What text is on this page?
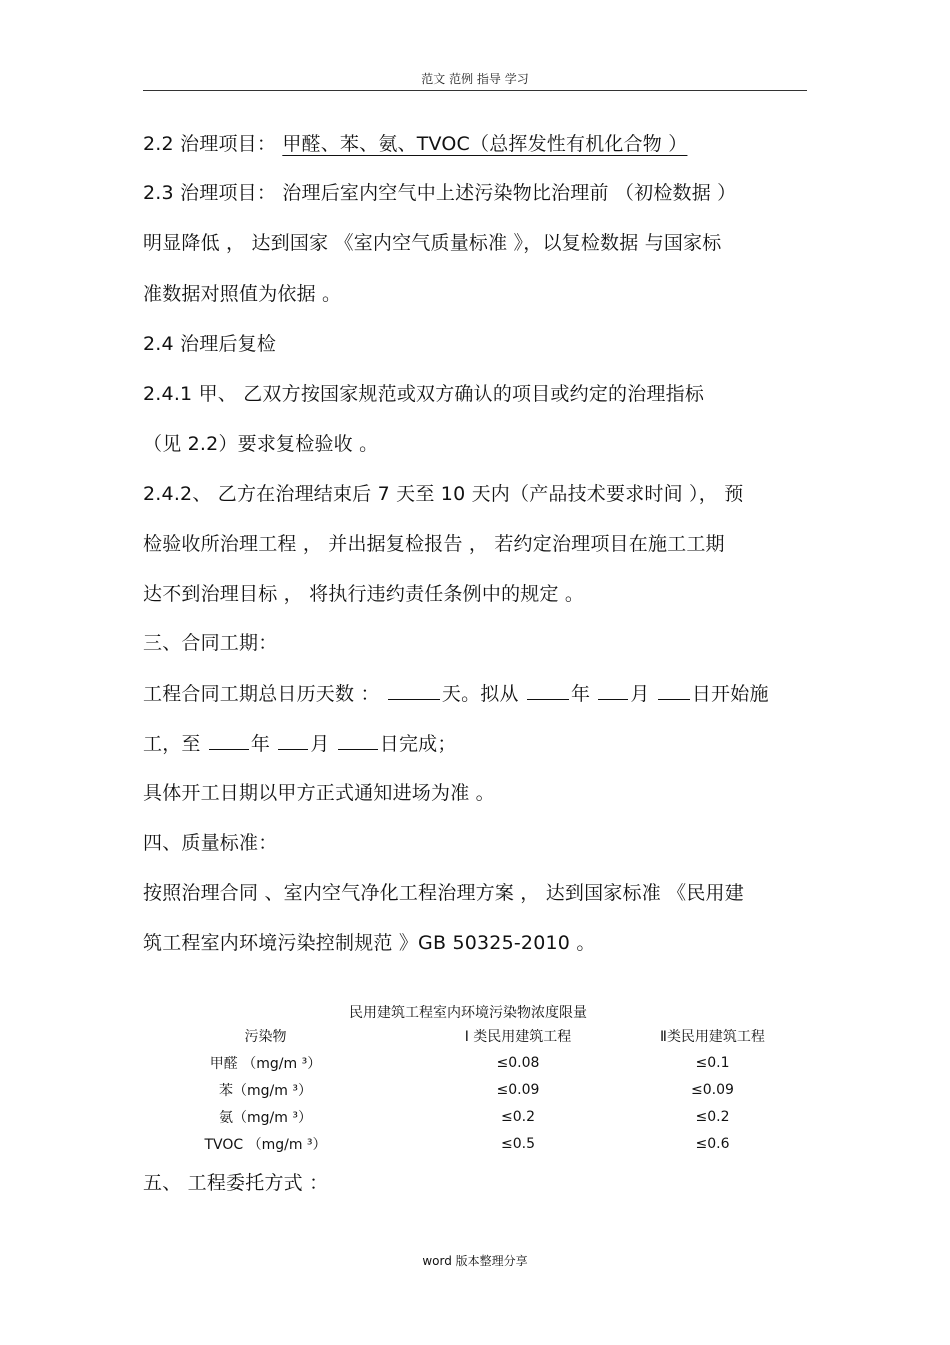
范文 范例 指导 学习
2.2 治理项目： 甲醛、苯、氨、TVOC（总挥发性有机化合物 ）
2.3 治理项目： 治理后室内空气中上述污染物比治理前 （初检数据 ）
明显降低 ， 达到国家 《室内空气质量标准 》，以复检数据 与国家标
准数据对照值为依据 。
2.4 治理后复检
2.4.1 甲、 乙双方按国家规范或双方确认的项目或约定的治理指标
（见 2.2）要求复检验收 。
2.4.2、 乙方在治理结束后 7 天至 10 天内（产品技术要求时间 ）， 预
检验收所治理工程 ， 并出据复检报告 ， 若约定治理项目在施工工期
达不到治理目标 ， 将执行违约责任条例中的规定 。
三、合同工期：
工程合同工期总日历天数 ：	天。拟从	年 月 日开始施
工，至	年 月	日完成；
具体开工日期以甲方正式通知进场为准 。
四、质量标准：
按照治理合同 、室内空气净化工程治理方案 ， 达到国家标准 《民用建
筑工程室内环境污染控制规范 》GB 50325-2010 。
民用建筑工程室内环境污染物浓度限量
污染物	Ⅰ 类民用建筑工程	Ⅱ类民用建筑工程
甲醛 （mg/m ³）	≤0.08	≤0.1
苯（mg/m ³）	≤0.09	≤0.09
氨（mg/m ³）	≤0.2	≤0.2
TVOC （mg/m ³）	≤0.5	≤0.6
五、 工程委托方式 ：
word 版本整理分享
